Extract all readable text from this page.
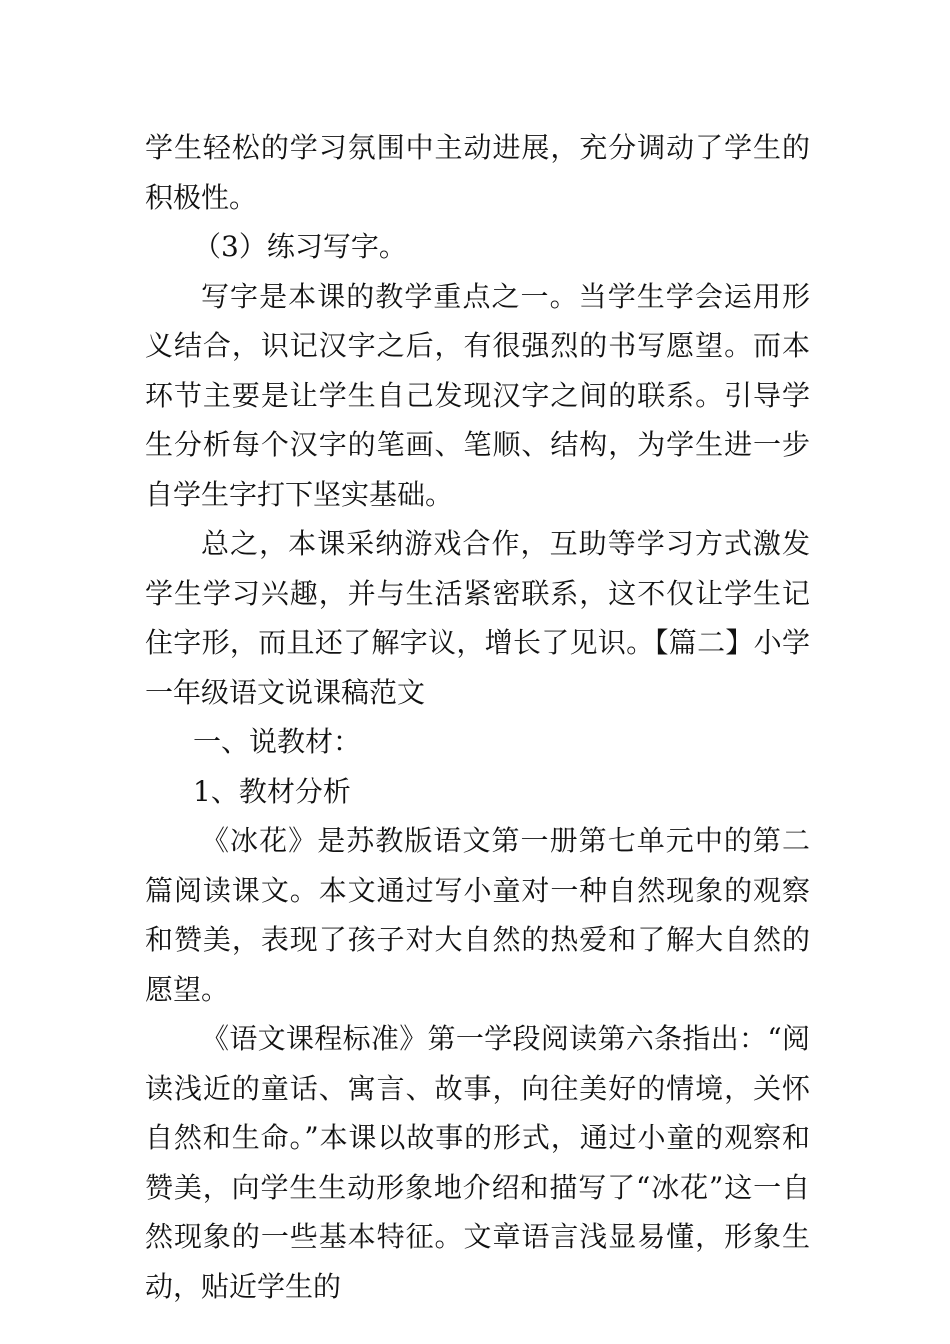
学生轻松的学习氛围中主动进展，充分调动了学生的积极性。

（3）练习写字。

写字是本课的教学重点之一。当学生学会运用形义结合，识记汉字之后，有很强烈的书写愿望。而本环节主要是让学生自己发现汉字之间的联系。引导学生分析每个汉字的笔画、笔顺、结构，为学生进一步自学生字打下坚实基础。

总之，本课采纳游戏合作，互助等学习方式激发学生学习兴趣，并与生活紧密联系，这不仅让学生记住字形，而且还了解字议，增长了见识。【篇二】小学一年级语文说课稿范文

一、说教材：

1、教材分析

《冰花》是苏教版语文第一册第七单元中的第二篇阅读课文。本文通过写小童对一种自然现象的观察和赞美，表现了孩子对大自然的热爱和了解大自然的愿望。

《语文课程标准》第一学段阅读第六条指出：“阅读浅近的童话、寓言、故事，向往美好的情境，关怀自然和生命。”本课以故事的形式，通过小童的观察和赞美，向学生生动形象地介绍和描写了“冰花”这一自然现象的一些基本特征。文章语言浅显易懂，形象生动，贴近学生的
